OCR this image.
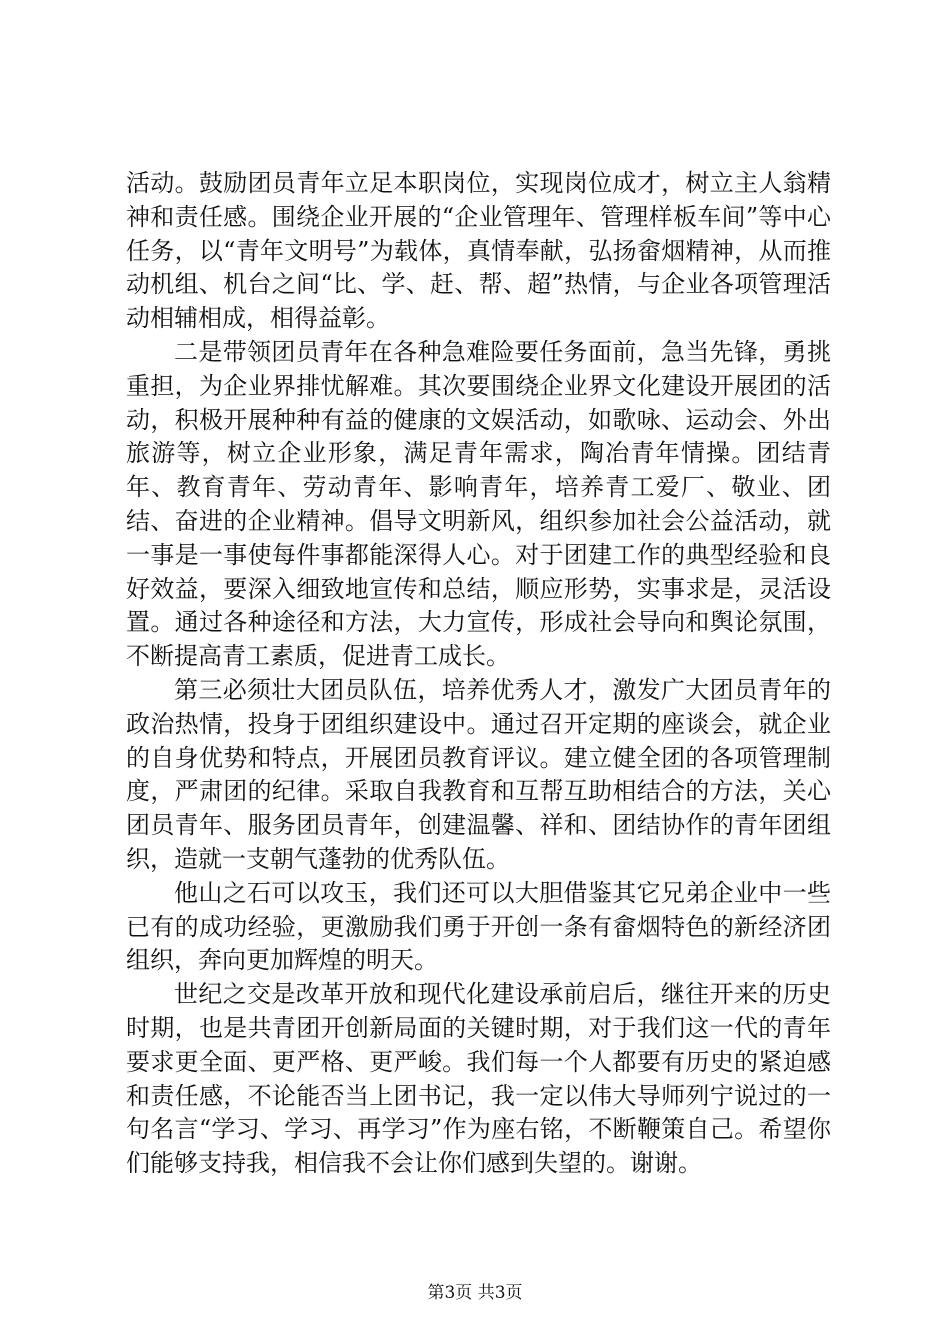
活动。鼓励团员青年立足本职岗位，实现岗位成才，树立主人翁精神和责任感。围绕企业开展的“企业管理年、管理样板车间”等中心任务，以“青年文明号”为载体，真情奉献，弘扬畲烟精神，从而推动机组、机台之间“比、学、赶、帮、超”热情，与企业各项管理活动相辅相成，相得益彰。

二是带领团员青年在各种急难险要任务面前，急当先锋，勇挑重担，为企业界排忧解难。其次要围绕企业界文化建设开展团的活动，积极开展种种有益的健康的文娱活动，如歌咏、运动会、外出旅游等，树立企业形象，满足青年需求，陶冶青年情操。团结青年、教育青年、劳动青年、影响青年，培养青工爱厂、敬业、团结、奋进的企业精神。倡导文明新风，组织参加社会公益活动，就一事是一事使每件事都能深得人心。对于团建工作的典型经验和良好效益，要深入细致地宣传和总结，顺应形势，实事求是，灵活设置。通过各种途径和方法，大力宣传，形成社会导向和舆论氛围，不断提高青工素质，促进青工成长。

第三必须壮大团员队伍，培养优秀人才，激发广大团员青年的政治热情，投身于团组织建设中。通过召开定期的座谈会，就企业的自身优势和特点，开展团员教育评议。建立健全团的各项管理制度，严肃团的纪律。采取自我教育和互帮互助相结合的方法，关心团员青年、服务团员青年，创建温馨、祥和、团结协作的青年团组织，造就一支朝气蓬勃的优秀队伍。

他山之石可以攻玉，我们还可以大胆借鉴其它兄弟企业中一些已有的成功经验，更激励我们勇于开创一条有畲烟特色的新经济团组织，奔向更加辉煌的明天。

世纪之交是改革开放和现代化建设承前启后，继往开来的历史时期，也是共青团开创新局面的关键时期，对于我们这一代的青年要求更全面、更严格、更严峻。我们每一个人都要有历史的紧迫感和责任感，不论能否当上团书记，我一定以伟大导师列宁说过的一句名言“学习、学习、再学习”作为座右铭，不断鞭策自己。希望你们能够支持我，相信我不会让你们感到失望的。谢谢。

第3页 共3页
